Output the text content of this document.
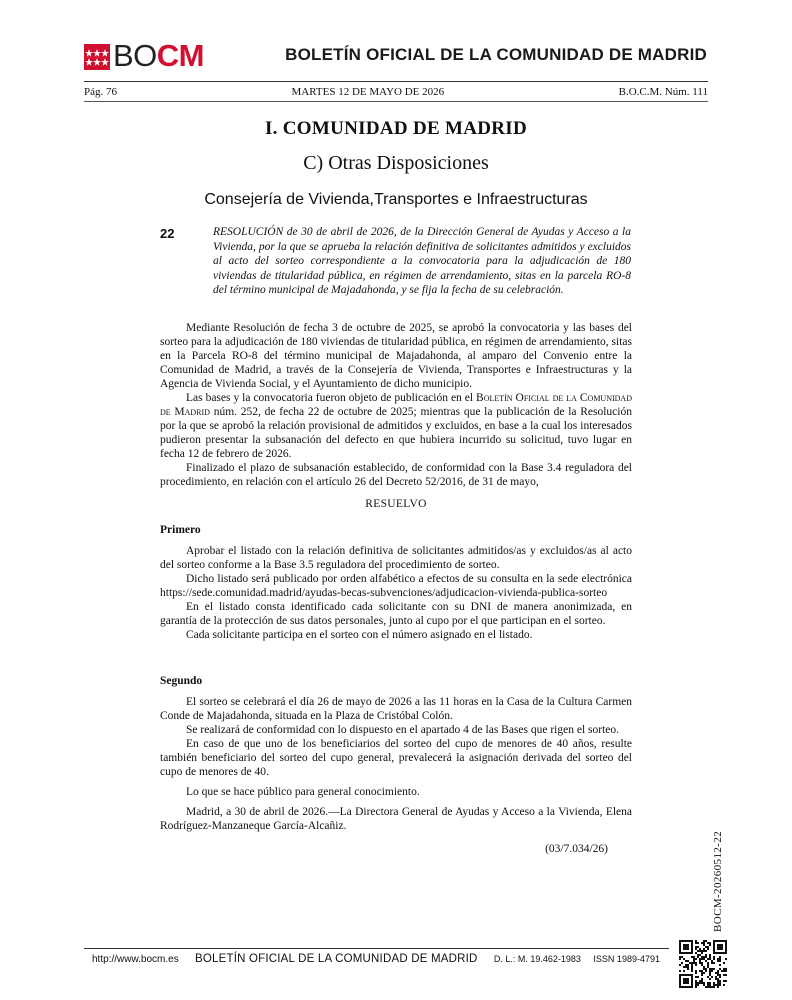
BOCM	BOLETÍN OFICIAL DE LA COMUNIDAD DE MADRID
Pág. 76	MARTES 12 DE MAYO DE 2026	B.O.C.M. Núm. 111
I. COMUNIDAD DE MADRID
C) Otras Disposiciones
Consejería de Vivienda,Transportes e Infraestructuras
22	RESOLUCIÓN de 30 de abril de 2026, de la Dirección General de Ayudas y Acceso a la Vivienda, por la que se aprueba la relación definitiva de solicitantes admitidos y excluidos al acto del sorteo correspondiente a la convocatoria para la adjudicación de 180 viviendas de titularidad pública, en régimen de arrendamiento, sitas en la parcela RO-8 del término municipal de Majadahonda, y se fija la fecha de su celebración.

Mediante Resolución de fecha 3 de octubre de 2025, se aprobó la convocatoria y las bases del sorteo para la adjudicación de 180 viviendas de titularidad pública, en régimen de arrendamiento, sitas en la Parcela RO-8 del término municipal de Majadahonda, al amparo del Convenio entre la Comunidad de Madrid, a través de la Consejería de Vivienda, Transportes e Infraestructuras y la Agencia de Vivienda Social, y el Ayuntamiento de dicho municipio.

Las bases y la convocatoria fueron objeto de publicación en el Boletín Oficial de la Comunidad de Madrid núm. 252, de fecha 22 de octubre de 2025; mientras que la publicación de la Resolución por la que se aprobó la relación provisional de admitidos y excluidos, en base a la cual los interesados pudieron presentar la subsanación del defecto en que hubiera incurrido su solicitud, tuvo lugar en fecha 12 de febrero de 2026.

Finalizado el plazo de subsanación establecido, de conformidad con la Base 3.4 reguladora del procedimiento, en relación con el artículo 26 del Decreto 52/2016, de 31 de mayo,

RESUELVO

Primero

Aprobar el listado con la relación definitiva de solicitantes admitidos/as y excluidos/as al acto del sorteo conforme a la Base 3.5 reguladora del procedimiento de sorteo.

Dicho listado será publicado por orden alfabético a efectos de su consulta en la sede electrónica https://sede.comunidad.madrid/ayudas-becas-subvenciones/adjudicacion-vivienda-publica-sorteo

En el listado consta identificado cada solicitante con su DNI de manera anonimizada, en garantía de la protección de sus datos personales, junto al cupo por el que participan en el sorteo.

Cada solicitante participa en el sorteo con el número asignado en el listado.

Segundo

El sorteo se celebrará el día 26 de mayo de 2026 a las 11 horas en la Casa de la Cultura Carmen Conde de Majadahonda, situada en la Plaza de Cristóbal Colón.

Se realizará de conformidad con lo dispuesto en el apartado 4 de las Bases que rigen el sorteo.

En caso de que uno de los beneficiarios del sorteo del cupo de menores de 40 años, resulte también beneficiario del sorteo del cupo general, prevalecerá la asignación derivada del sorteo del cupo de menores de 40.

Lo que se hace público para general conocimiento.

Madrid, a 30 de abril de 2026.—La Directora General de Ayudas y Acceso a la Vivienda, Elena Rodríguez-Manzaneque García-Alcañiz.

(03/7.034/26)	BOCM-20260512-22
http://www.bocm.es BOLETÍN OFICIAL DE LA COMUNIDAD DE MADRID D. L.: M. 19.462-1983     ISSN 1989-4791
